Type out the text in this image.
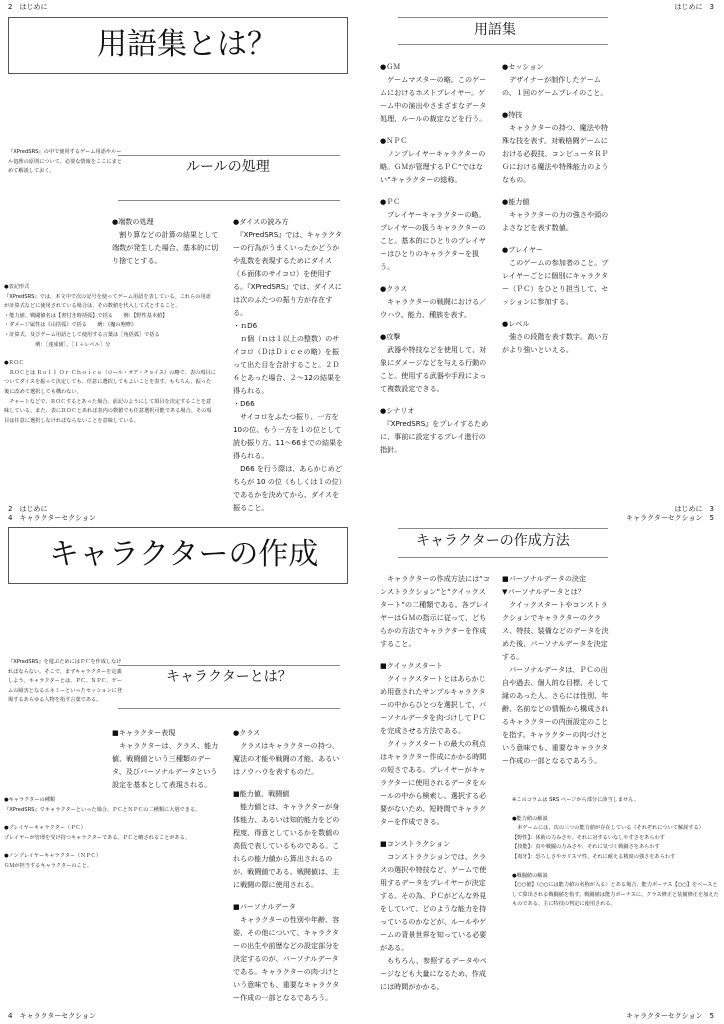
2　はじめに	はじめに　3
用語集とは？
『XPredSRS』の中で使用するゲーム用語やルール処理の原則について、必要な情報をここにまとめて解説しておく。	ルールの処理
●端数の処理
　割り算などの計算の結果として端数が発生した場合、基本的に切り捨てとする。
●ダイスの読み方
　『XPredSRS』では、キャラクターの行為がうまくいったかどうかや乱数を表現するためにダイス（６面体のサイコロ）を使用する。『XPredSRS』では、ダイスには次のふたつの振り方が存在する。
・ｎD6
　ｎ個（ｎは１以上の整数）のサイコロ（ＤはＤｉｃｅの略）を振って出た目を合計すること。２Ｄ６とあった場合、２～12の結果を得られる。
・D66
　サイコロをふたつ振り、一方を10の位、もう一方を１の位として読む振り方。11～66までの結果を得られる。
　D66 を行う際は、あらかじめどちらが 10 の位（もしくは１の位）であるかを決めてから、ダイスを振ること。
●表記形式
『XPredSRS』では、本文中で次の記号を使ってゲーム用語を表している。これらの用語が計算式などに使用されている場合は、その数値を代入して式とすること。
・能力値、戦闘値名は【書付き時括弧】で括る　　例：【野性基本値】
・ダメージ属性は《山括弧》で括る　　例：《魔の咆哮》
・計算式、及びゲーム用語として使用する言葉は［角括弧］で括る
　　　　　　例：［達成値］、［１＋レベル］分
●ＲＯＣ
　ＲＯＣとは Ｒｏｌｌ Ｏｒ Ｃｈｏｉｃｅ（ロール・オア・チョイス）の略で、表の項目についてダイスを振って決定しても、任意に選択してもよいことを表す。もちろん、振った後に改めて選択しても構わない。
　チャートなどで、ＲＯＣするとあった場合、前記のようにして項目を決定することを意味している。また、表にＲＯＣとあれば表内の数値でも任意選択可能である場合、その項目は任意に選択しなければならないことを意味している。
用語集
●ＧＭ
　ゲームマスターの略。このゲームにおけるホストプレイヤー。ゲーム中の演出やさまざまなデータ処理、ルールの裁定などを行う。
●ＮＰＣ
　ノンプレイヤーキャラクターの略。ＧＭが管理するＰＣ“ではない”キャラクターの総称。
●ＰＣ
　プレイヤーキャラクターの略。プレイヤーの扱うキャラクターのこと。基本的にひとりのプレイヤーはひとりのキャラクターを扱う。
●クラス
　キャラクターの戦闘における／ウハウ、能力、種族を表す。
●攻撃
　武器や特技などを使用して、対象にダメージなどを与える行動のこと。使用する武器や手段によって複数設定できる。
●シナリオ
　『XPredSRS』をプレイするために、事前に設定するプレイ進行の指針。
●セッション
　デザイナーが制作したゲームの、１回のゲームプレイのこと。
●特技
　キャラクターの持つ、魔法や特殊な技を表す。対戦格闘ゲームにおける必殺技、コンピュータＲＰＧにおける魔法や特殊能力のようなもの。
●能力値
　キャラクターの力の強さや頭のよさなどを表す数値。
●プレイヤー
　このゲームの参加者のこと。プレイヤーごとに個別にキャラクター（ＰＣ）をひとり担当して、セッションに参加する。
●レベル
　強さの段階を表す数字。高い方がより強いといえる。
2　はじめに
4　キャラクターセクション
はじめに　3
キャラクターセクション　5
キャラクターの作成
『XPredSRS』を遊ぶためにはＰＣを作成しなければならない。そこで、まずキャラクターを定義しよう。キャラクターとは、ＰＣ、ＮＰＣ、ゲームの障害となるエネミーといったセッションに登場するあらゆる人物を指す言葉である。
キャラクターとは？
■キャラクター表現
　キャラクターは、クラス、能力値、戦闘値という三種類のデータ、及びパーソナルデータという設定を基本として表現される。
●クラス
　クラスはキャラクターの持つ、魔法の才能や戦闘の才能、あるいはノウハウを表すものだ。
■能力値、戦闘値
　能力値とは、キャラクターが身体能力、あるいは知的能力をどの程度、得意としているかを数値の高低で表しているものである。これらの能力値から算出されるのが、戦闘値である。戦闘値は、主に戦闘の際に使用される。
■パーソナルデータ
　キャラクターの性別や年齢、容姿、その他について、キャラクターの出生や前歴などの設定部分を決定するのが、パーソナルデータである。キャラクターの肉づけという意味でも、重要なキャラクター作成の一部となるであろう。
●キャラクターの種類
『XPredSRS』でキャラクターといった場合、ＰＣとＮＰＣの二種類に大別できる。
●プレイヤーキャラクター（ＰＣ）
プレイヤーが管理を受け持つキャラクターである。ＰＣと略されることがある。
●ノンプレイヤーキャラクター（ＮＰＣ）
ＧＭが担当するキャラクターのこと。
キャラクターの作成方法
　キャラクターの作成方法には“コンストラクション”と“クイックスタート”の二種類である。各プレイヤーはＧＭの指示に従って、どちらかの方法でキャラクターを作成すること。
■クイックスタート
　クイックスタートとはあらかじめ用意されたサンプルキャラクターの中からひとつを選択して、パーソナルデータを肉づけしてＰＣを完成させる方法である。
　クイックスタートの最大の利点はキャラクター作成にかかる時間の短さである。プレイヤーがキャラクターに使用されるデータをルールの中から検索し、選択する必要がないため、短時間でキャラクターを作成できる。
■コンストラクション
　コンストラクションでは、クラスの選択や特技など、ゲームで使用するデータをプレイヤーが決定する。その為、ＰＣがどんな外見をしていて、どのような能力を持っているのかなどが、ルールやゲームの背景世界を知っている必要がある。
　もちろん、参照するデータやページなども大量になるため、作成には時間がかかる。
■パーソナルデータの決定
▼パーソナルデータとは？
　クイックスタートやコンストラクションでキャラクターのクラス、特技、装備などのデータを決めた後、パーソナルデータを決定する。
　パーソナルデータは、ＰＣの出自や過去、個人的な目標、そして縁のあった人、さらには性別、年齢、名前などの情報から構成されるキャラクターの内面設定のことを指す。キャラクターの肉づけという意味でも、重要なキャラクター作成の一部となるであろう。
※このコラムは SRS ページから部分に該当しません。
●能力値の解説
　本ゲームには、次の三つの能力値が存在している（それぞれについて解説する）
【野性】：体術の力みさや、それに対するいなしやすさをあらわす
【技能】：真や戦闘の力みさや、それに気づく戦闘さをあらわす
【毒牙】：恐ろしさやカリスマ性、それに耐える精度の強さをあらわす
●戦闘値の解説
【○○値】（○○には能力値の名称が入る）とある場合、能力ボーナス【○○】をベースとして算出される戦闘値を指す。戦闘値は能力ボーナスに、クラス修正と装備修正を加えたものである。主に特技の判定に使用される。
4　キャラクターセクション	キャラクターセクション　5
